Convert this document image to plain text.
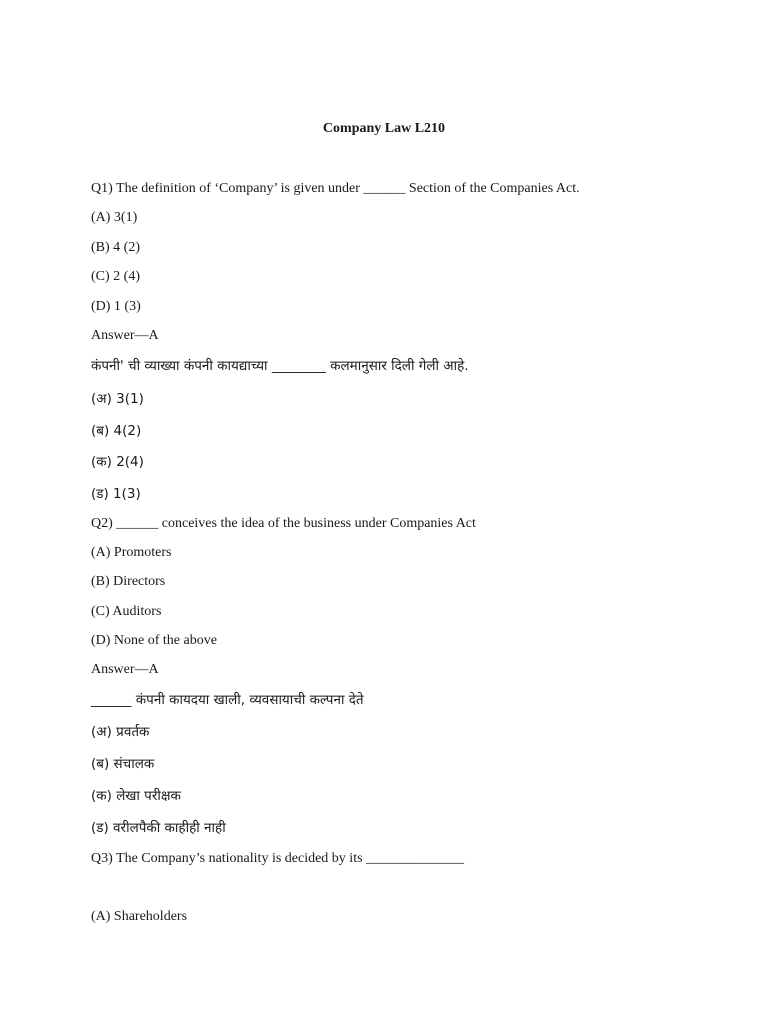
Company Law L210

Q1) The definition of ‘Company’ is given under ______ Section of the Companies Act.

(A) 3(1)

(B) 4 (2)

(C) 2 (4)

(D) 1 (3)

Answer—A

कंपनी' ची व्याख्या कंपनी कायद्याच्या ________ कलमानुसार दिली गेली आहे.

(अ) 3(1)

(ब) 4(2)

(क) 2(4)

(ड) 1(3)

Q2) ______ conceives the idea of the business under Companies Act

(A) Promoters

(B) Directors

(C) Auditors

(D) None of the above

Answer—A

______ कंपनी कायदया खाली, व्यवसायाची कल्पना देते

(अ) प्रवर्तक

(ब) संचालक

(क) लेखा परीक्षक

(ड) वरीलपैकी काहीही नाही

Q3) The Company’s nationality is decided by its ______________

(A) Shareholders
